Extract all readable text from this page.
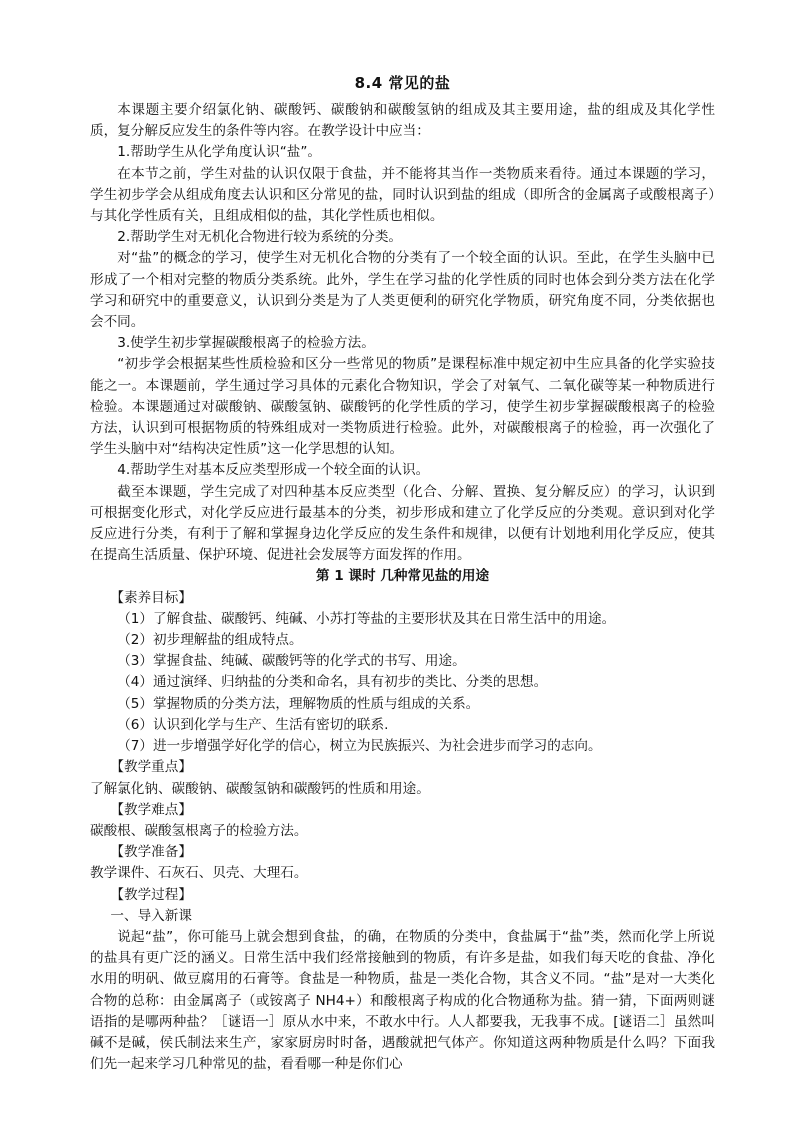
8.4 常见的盐

本课题主要介绍氯化钠、碳酸钙、碳酸钠和碳酸氢钠的组成及其主要用途，盐的组成及其化学性质，复分解反应发生的条件等内容。在教学设计中应当：

1.帮助学生从化学角度认识“盐”。

在本节之前，学生对盐的认识仅限于食盐，并不能将其当作一类物质来看待。通过本课题的学习，学生初步学会从组成角度去认识和区分常见的盐，同时认识到盐的组成（即所含的金属离子或酸根离子）与其化学性质有关，且组成相似的盐，其化学性质也相似。

2.帮助学生对无机化合物进行较为系统的分类。

对“盐”的概念的学习，使学生对无机化合物的分类有了一个较全面的认识。至此，在学生头脑中已形成了一个相对完整的物质分类系统。此外，学生在学习盐的化学性质的同时也体会到分类方法在化学学习和研究中的重要意义，认识到分类是为了人类更便利的研究化学物质，研究角度不同，分类依据也会不同。

3.使学生初步掌握碳酸根离子的检验方法。

“初步学会根据某些性质检验和区分一些常见的物质”是课程标准中规定初中生应具备的化学实验技能之一。本课题前，学生通过学习具体的元素化合物知识，学会了对氧气、二氧化碳等某一种物质进行检验。本课题通过对碳酸钠、碳酸氢钠、碳酸钙的化学性质的学习，使学生初步掌握碳酸根离子的检验方法，认识到可根据物质的特殊组成对一类物质进行检验。此外，对碳酸根离子的检验，再一次强化了学生头脑中对“结构决定性质”这一化学思想的认知。

4.帮助学生对基本反应类型形成一个较全面的认识。

截至本课题，学生完成了对四种基本反应类型（化合、分解、置换、复分解反应）的学习，认识到可根据变化形式，对化学反应进行最基本的分类，初步形成和建立了化学反应的分类观。意识到对化学反应进行分类，有利于了解和掌握身边化学反应的发生条件和规律，以便有计划地利用化学反应，使其在提高生活质量、保护环境、促进社会发展等方面发挥的作用。

第 1 课时 几种常见盐的用途

【素养目标】

（1）了解食盐、碳酸钙、纯碱、小苏打等盐的主要形状及其在日常生活中的用途。

（2）初步理解盐的组成特点。

（3）掌握食盐、纯碱、碳酸钙等的化学式的书写、用途。

（4）通过演绎、归纳盐的分类和命名，具有初步的类比、分类的思想。

（5）掌握物质的分类方法，理解物质的性质与组成的关系。

（6）认识到化学与生产、生活有密切的联系.

（7）进一步增强学好化学的信心，树立为民族振兴、为社会进步而学习的志向。

【教学重点】

了解氯化钠、碳酸钠、碳酸氢钠和碳酸钙的性质和用途。

【教学难点】

碳酸根、碳酸氢根离子的检验方法。

【教学准备】

教学课件、石灰石、贝壳、大理石。

【教学过程】

一、导入新课

说起“盐”，你可能马上就会想到食盐，的确，在物质的分类中，食盐属于“盐”类，然而化学上所说的盐具有更广泛的涵义。日常生活中我们经常接触到的物质，有许多是盐，如我们每天吃的食盐、净化水用的明矾、做豆腐用的石膏等。食盐是一种物质，盐是一类化合物，其含义不同。“盐”是对一大类化合物的总称：由金属离子（或铵离子 NH4+）和酸根离子构成的化合物通称为盐。猜一猜，下面两则谜语指的是哪两种盐？［谜语一］原从水中来，不敢水中行。人人都要我，无我事不成。[谜语二］虽然叫碱不是碱，侯氏制法来生产，家家厨房时时备，遇酸就把气体产。你知道这两种物质是什么吗？下面我们先一起来学习几种常见的盐，看看哪一种是你们心
